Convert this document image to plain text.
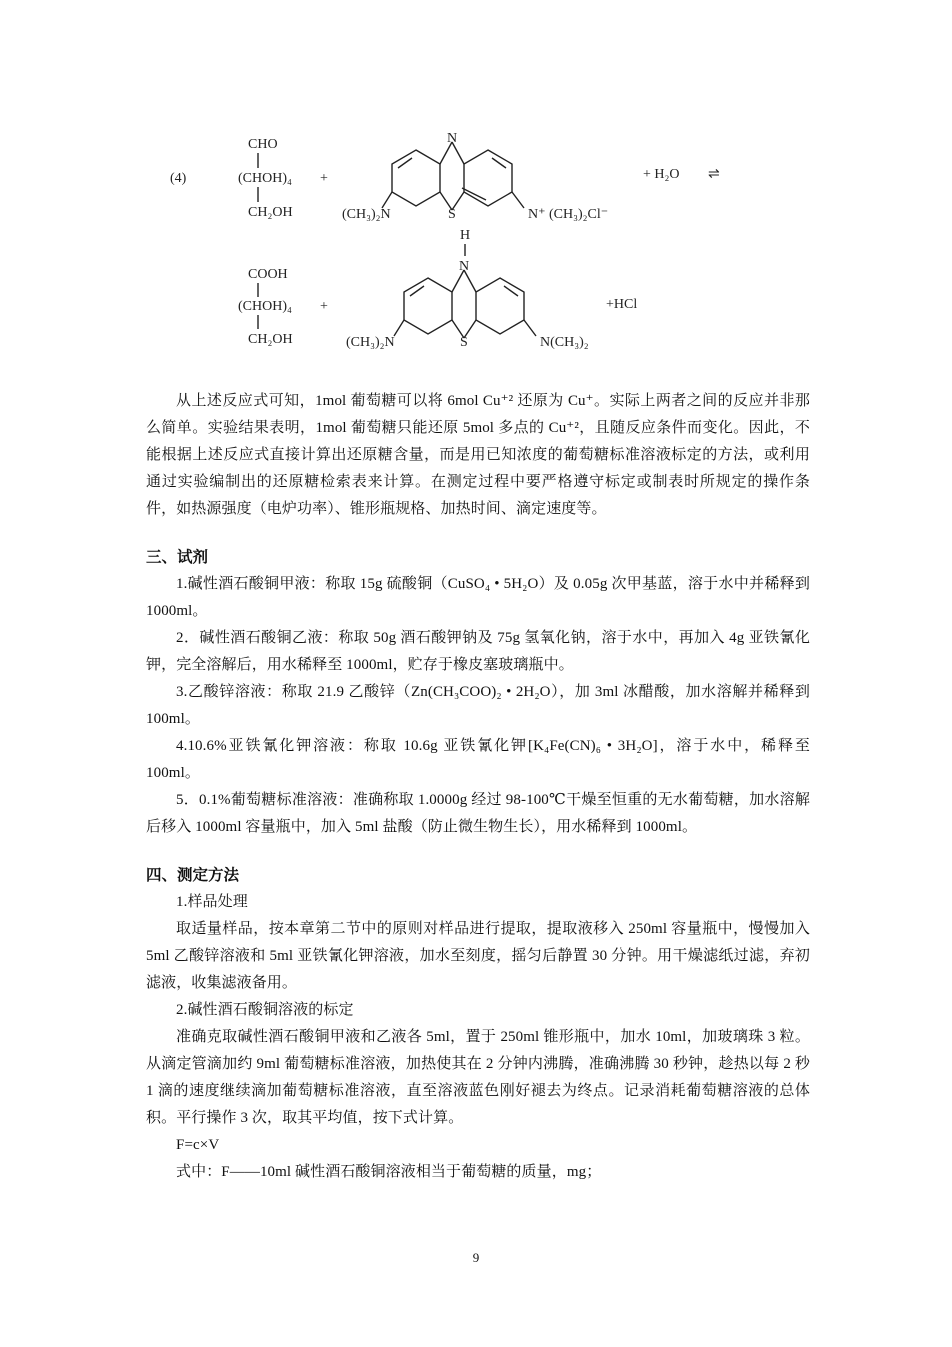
(4)
CHO
(CHOH)₄
CH₂OH
+
N
S
(CH₃)₂N	N⁺ (CH₃)₂Cl⁻
+ H₂O ⇌
H
COOH
(CHOH)₄
CH₂OH
+
N
S
(CH₃)₂N	N(CH₃)₂
+HCl

从上述反应式可知，1mol 葡萄糖可以将 6mol Cu⁺² 还原为 Cu⁺。实际上两者之间的反应并非那么简单。实验结果表明，1mol 葡萄糖只能还原 5mol 多点的 Cu⁺²，且随反应条件而变化。因此，不能根据上述反应式直接计算出还原糖含量，而是用已知浓度的葡萄糖标准溶液标定的方法，或利用通过实验编制出的还原糖检索表来计算。在测定过程中要严格遵守标定或制表时所规定的操作条件，如热源强度（电炉功率）、锥形瓶规格、加热时间、滴定速度等。

三、试剂

1.碱性酒石酸铜甲液：称取 15g 硫酸铜（CuSO₄ • 5H₂O）及 0.05g 次甲基蓝，溶于水中并稀释到 1000ml。

2．碱性酒石酸铜乙液：称取 50g 酒石酸钾钠及 75g 氢氧化钠，溶于水中，再加入 4g 亚铁氰化钾，完全溶解后，用水稀释至 1000ml，贮存于橡皮塞玻璃瓶中。

3.乙酸锌溶液：称取 21.9 乙酸锌（Zn(CH₃COO)₂ • 2H₂O），加 3ml 冰醋酸，加水溶解并稀释到 100ml。

4.10.6%亚铁氰化钾溶液：称取 10.6g 亚铁氰化钾[K₄Fe(CN)₆ • 3H₂O]，溶于水中，稀释至 100ml。

5．0.1%葡萄糖标准溶液：准确称取 1.0000g 经过 98-100℃干燥至恒重的无水葡萄糖，加水溶解后移入 1000ml 容量瓶中，加入 5ml 盐酸（防止微生物生长），用水稀释到 1000ml。

四、测定方法

1.样品处理

取适量样品，按本章第二节中的原则对样品进行提取，提取液移入 250ml 容量瓶中，慢慢加入 5ml 乙酸锌溶液和 5ml 亚铁氰化钾溶液，加水至刻度，摇匀后静置 30 分钟。用干燥滤纸过滤，弃初滤液，收集滤液备用。

2.碱性酒石酸铜溶液的标定

准确克取碱性酒石酸铜甲液和乙液各 5ml，置于 250ml 锥形瓶中，加水 10ml，加玻璃珠 3 粒。从滴定管滴加约 9ml 葡萄糖标准溶液，加热使其在 2 分钟内沸腾，准确沸腾 30 秒钟，趁热以每 2 秒 1 滴的速度继续滴加葡萄糖标准溶液，直至溶液蓝色刚好褪去为终点。记录消耗葡萄糖溶液的总体积。平行操作 3 次，取其平均值，按下式计算。

F=c×V

式中：F——10ml 碱性酒石酸铜溶液相当于葡萄糖的质量，mg；

9
